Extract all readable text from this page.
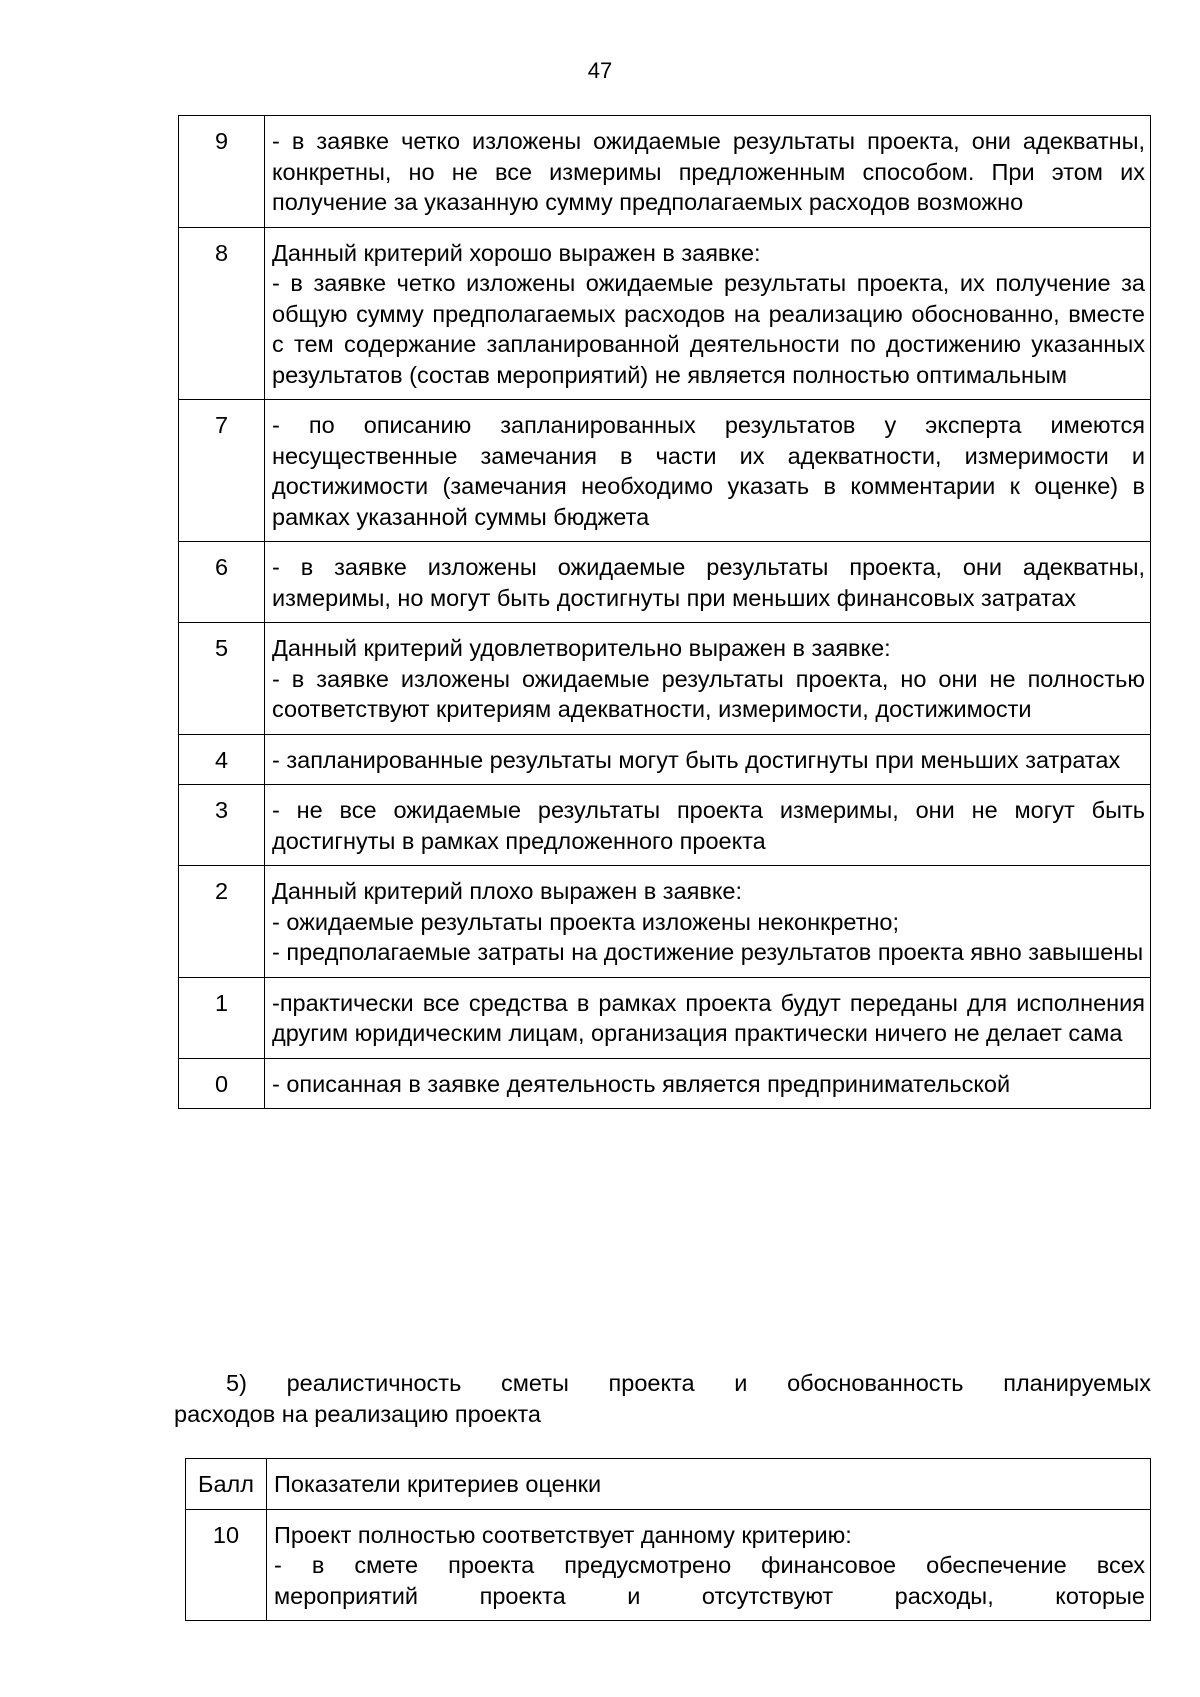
47
9	- в заявке четко изложены ожидаемые результаты проекта, они адекватны, конкретны, но не все измеримы предложенным способом. При этом их получение за указанную сумму предполагаемых расходов возможно

8	Данный критерий хорошо выражен в заявке:
- в заявке четко изложены ожидаемые результаты проекта, их получение за общую сумму предполагаемых расходов на реализацию обоснованно, вместе с тем содержание запланированной деятельности по достижению указанных результатов (состав мероприятий) не является полностью оптимальным

7	- по описанию запланированных результатов у эксперта имеются несущественные замечания в части их адекватности, измеримости и достижимости (замечания необходимо указать в комментарии к оценке) в рамках указанной суммы бюджета

6	- в заявке изложены ожидаемые результаты проекта, они адекватны, измеримы, но могут быть достигнуты при меньших финансовых затратах

5	Данный критерий удовлетворительно выражен в заявке:
- в заявке изложены ожидаемые результаты проекта, но они не полностью соответствуют критериям адекватности, измеримости, достижимости

4	- запланированные результаты могут быть достигнуты при меньших затратах

3	- не все ожидаемые результаты проекта измеримы, они не могут быть достигнуты в рамках предложенного проекта

2	Данный критерий плохо выражен в заявке:
- ожидаемые результаты проекта изложены неконкретно;
- предполагаемые затраты на достижение результатов проекта явно завышены

1	-практически все средства в рамках проекта будут переданы для исполнения другим юридическим лицам, организация практически ничего не делает сама

0	- описанная в заявке деятельность является предпринимательской
5) реалистичность сметы проекта и обоснованность планируемых
расходов на реализацию проекта
Балл	Показатели критериев оценки
10	Проект полностью соответствует данному критерию:
- в смете проекта предусмотрено финансовое обеспечение всех
мероприятий проекта и отсутствуют расходы, которые
